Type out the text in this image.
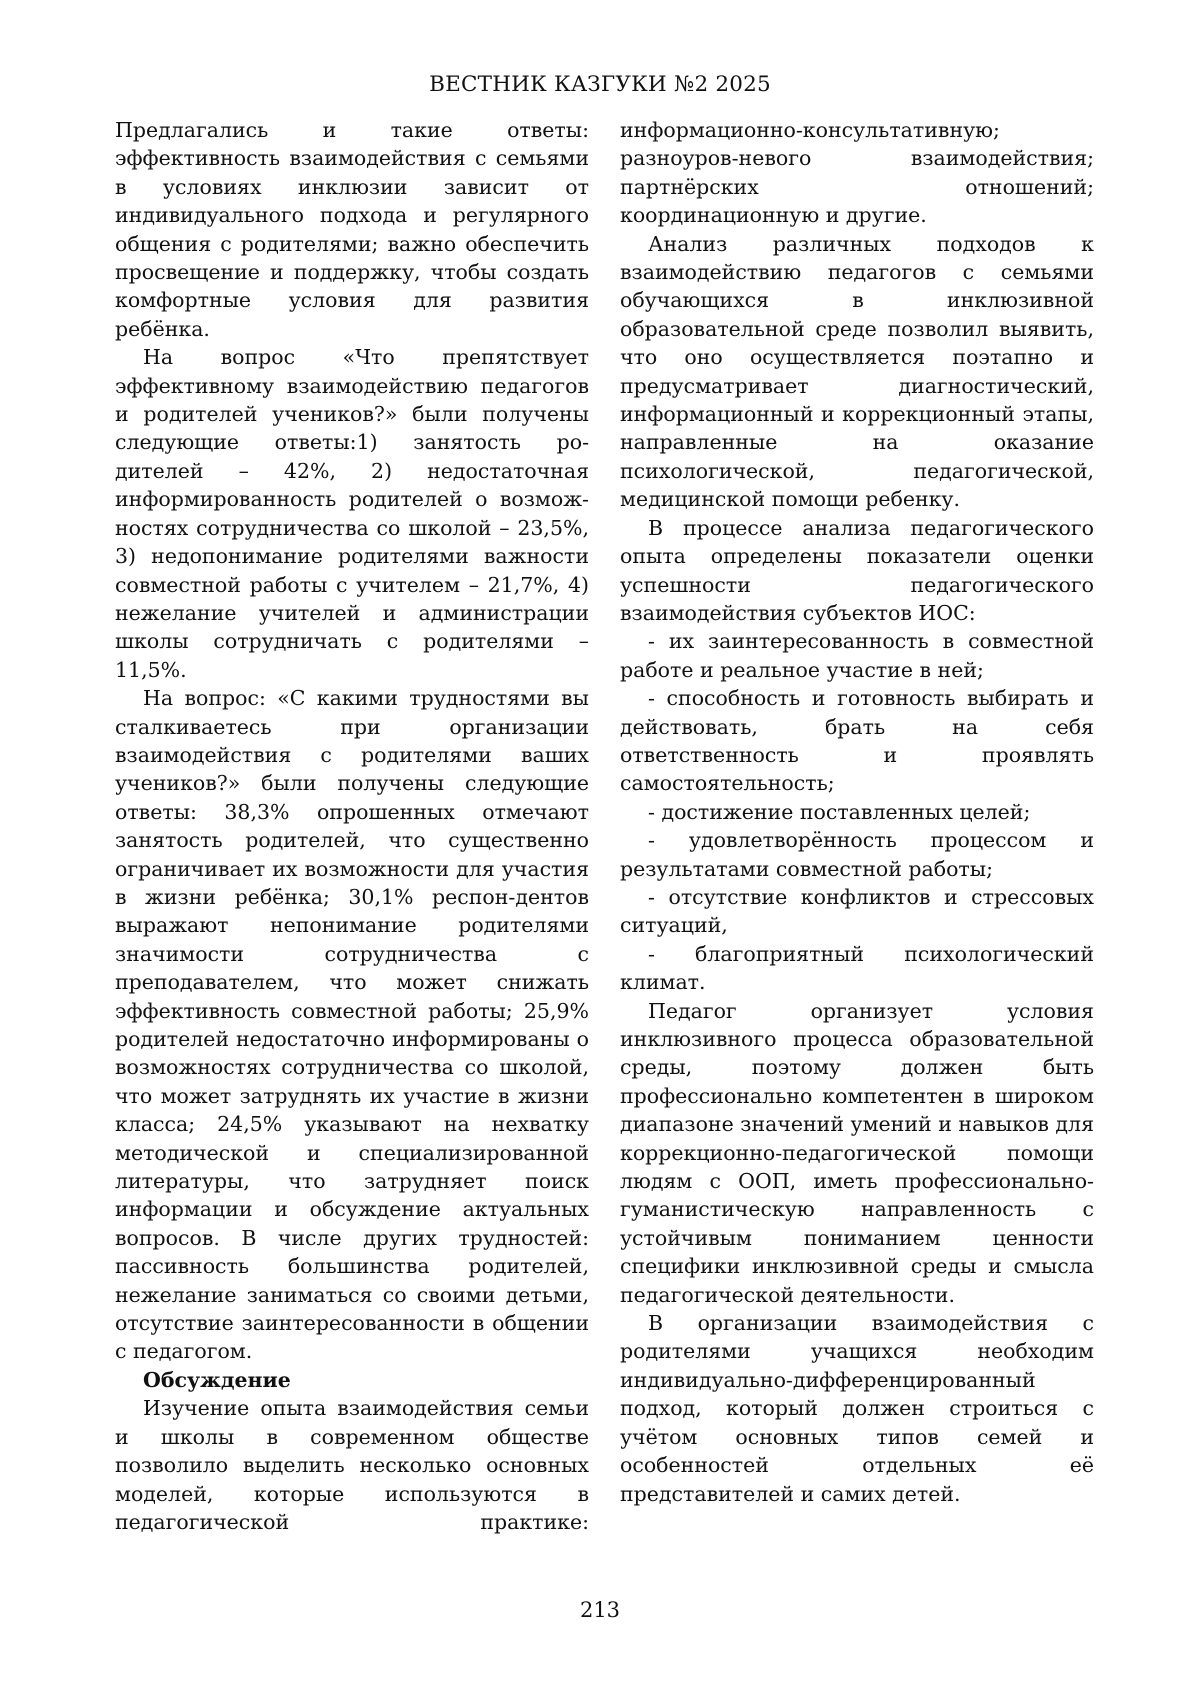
ВЕСТНИК КАЗГУКИ №2 2025

Предлагались и такие ответы: эффективность взаимодействия с семьями в условиях инклюзии зависит от индивидуального подхода и регулярного общения с родителями; важно обеспечить просвещение и поддержку, чтобы создать комфортные условия для развития ребёнка.

На вопрос «Что препятствует эффективному взаимодействию педагогов и родителей учеников?» были получены следующие ответы:1) занятость ро-дителей – 42%, 2) недостаточная информированность родителей о возмож-ностях сотрудничества со школой – 23,5%, 3) недопонимание родителями важности совместной работы с учителем – 21,7%, 4) нежелание учителей и администрации школы сотрудничать с родителями – 11,5%.

На вопрос: «С какими трудностями вы сталкиваетесь при организации взаимодействия с родителями ваших учеников?» были получены следующие ответы: 38,3% опрошенных отмечают занятость родителей, что существенно ограничивает их возможности для участия в жизни ребёнка; 30,1% респон-дентов выражают непонимание родителями значимости сотрудничества с преподавателем, что может снижать эффективность совместной работы; 25,9% родителей недостаточно информированы о возможностях сотрудничества со школой, что может затруднять их участие в жизни класса; 24,5% указывают на нехватку методической и специализированной литературы, что затрудняет поиск информации и обсуждение актуальных вопросов. В числе других трудностей: пассивность большинства родителей, нежелание заниматься со своими детьми, отсутствие заинтересованности в общении с педагогом.

Обсуждение

Изучение опыта взаимодействия семьи и школы в современном обществе позволило выделить несколько основных моделей, которые используются в педагогической практике:

информационно-консультативную; разноуров-невого взаимодействия; партнёрских отношений; координационную и другие.

Анализ различных подходов к взаимодействию педагогов с семьями обучающихся в инклюзивной образовательной среде позволил выявить, что оно осуществляется поэтапно и предусматривает диагностический, информационный и коррекционный этапы, направленные на оказание психологической, педагогической, медицинской помощи ребенку.

В процессе анализа педагогического опыта определены показатели оценки успешности педагогического взаимодействия субъектов ИОС:

- их заинтересованность в совместной работе и реальное участие в ней;

- способность и готовность выбирать и действовать, брать на себя ответственность и проявлять самостоятельность;

- достижение поставленных целей;

- удовлетворённость процессом и результатами совместной работы;

- отсутствие конфликтов и стрессовых ситуаций,

- благоприятный психологический климат.

Педагог организует условия инклюзивного процесса образовательной среды, поэтому должен быть профессионально компетентен в широком диапазоне значений умений и навыков для коррекционно-педагогической помощи людям с ООП, иметь профессионально-гуманистическую направленность с устойчивым пониманием ценности специфики инклюзивной среды и смысла педагогической деятельности.

В организации взаимодействия с родителями учащихся необходим индивидуально-дифференцированный подход, который должен строиться с учётом основных типов семей и особенностей отдельных её представителей и самих детей.

213
